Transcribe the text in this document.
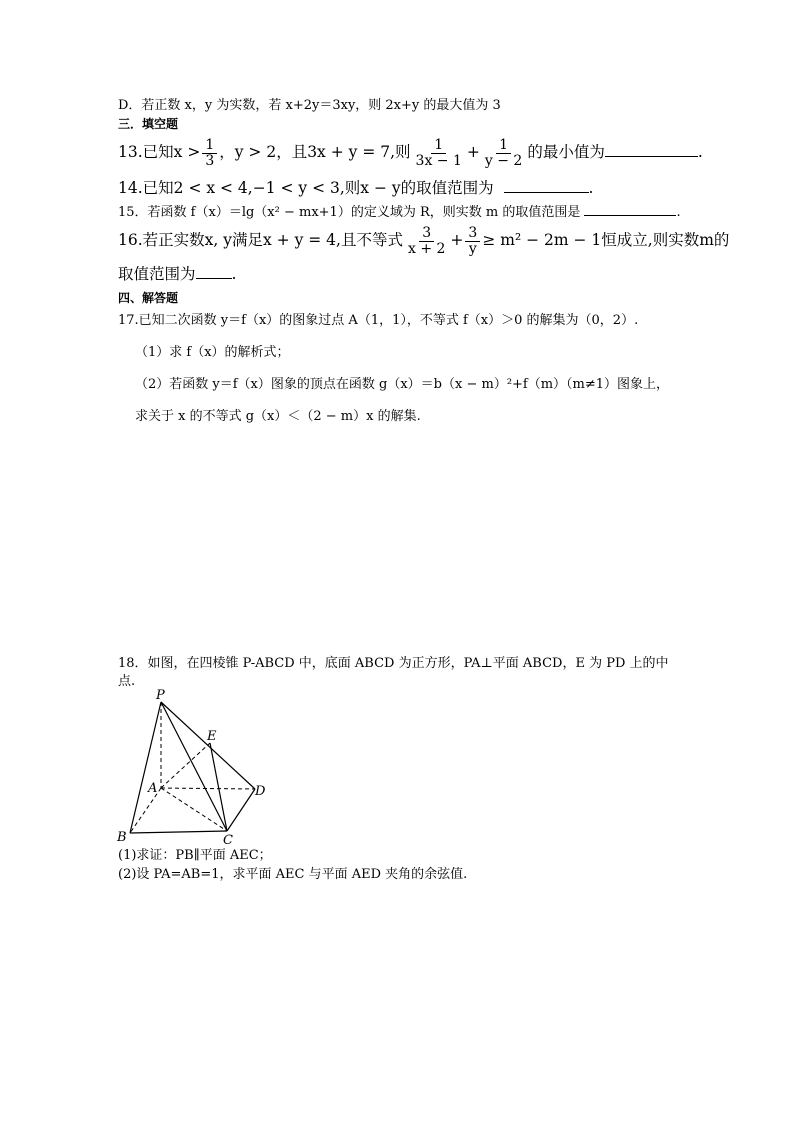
D．若正数 x，y 为实数，若 x+2y＝3xy，则 2x+y 的最大值为 3
三．填空题
13.已知$x > \frac{1}{3}$ ，y > 2，且3x + y = 7,则 $\frac{1}{3x - 1} + \frac{1}{y - 2}$ 的最小值为	.
14.已知2 < x < 4,−1 < y < 3,则x − y的取值范围为	.
15．若函数 f（x）＝lg（x² − mx+1）的定义域为 R，则实数 m 的取值范围是	.
16.若正实数x, y满足x + y = 4,且不等式 $\frac{3}{x + 2} + \frac{3}{y} \ge m^2 - 2m - 1$恒成立,则实数m的
取值范围为 .
四、解答题
17.已知二次函数 y＝f（x）的图象过点 A（1，1），不等式 f（x）＞0 的解集为（0，2）.
（1）求 f（x）的解析式；
（2）若函数 y＝f（x）图象的顶点在函数 g（x）＝b（x − m）²+f（m）（m≠1）图象上，
求关于 x 的不等式 g（x）＜（2 − m）x 的解集.
18．如图，在四棱锥 P-ABCD 中，底面 ABCD 为正方形，PA⊥平面 ABCD，E 为 PD 上的中
点.
P
E
A	D
B	C
(1)求证：PB∥平面 AEC；
(2)设 PA=AB=1，求平面 AEC 与平面 AED 夹角的余弦值.
